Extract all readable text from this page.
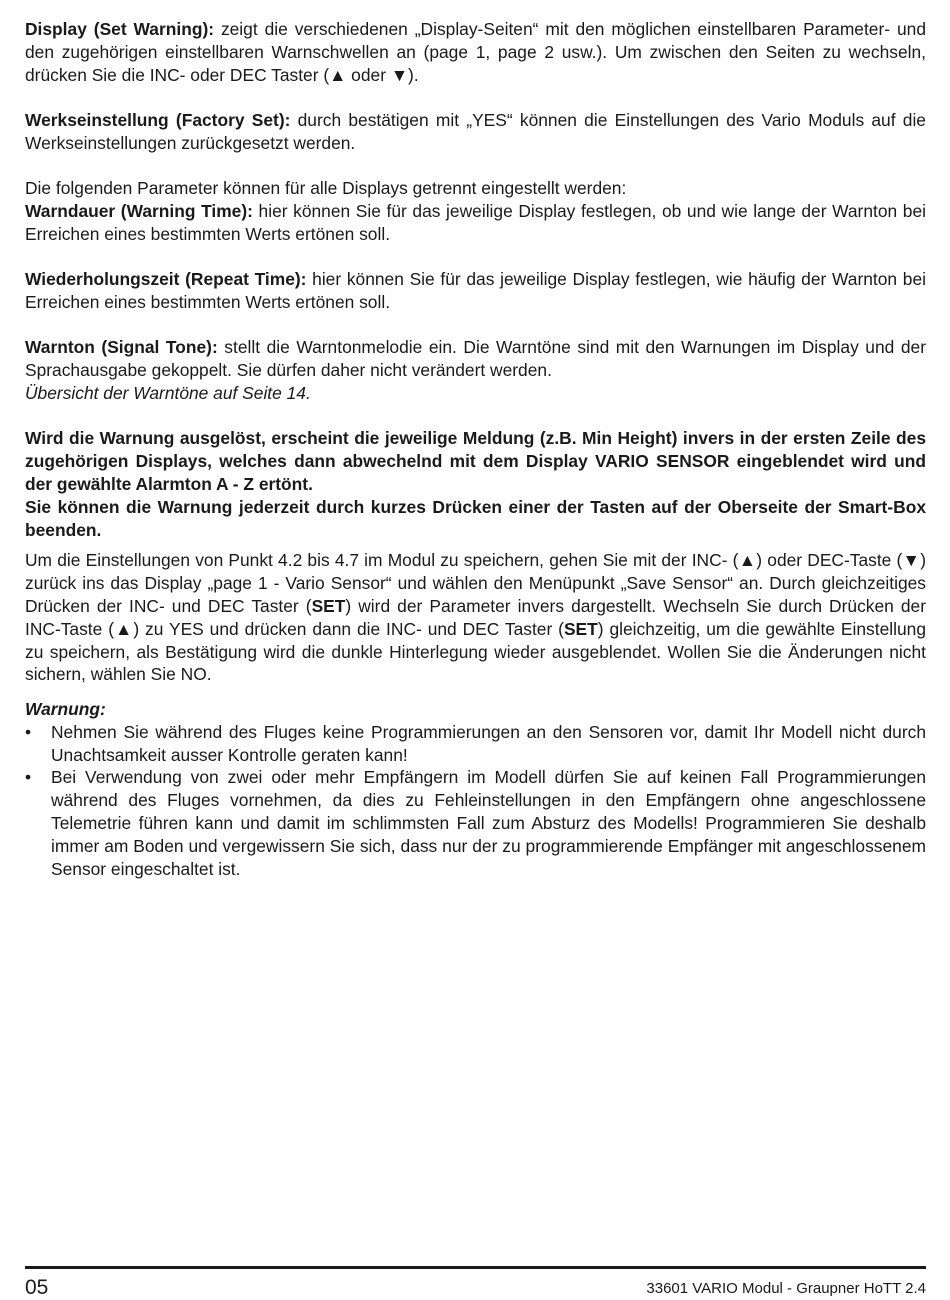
Display (Set Warning): zeigt die verschiedenen „Display-Seiten“ mit den möglichen einstellbaren Parameter- und den zugehörigen einstellbaren Warnschwellen an (page 1, page 2 usw.). Um zwischen den Seiten zu wechseln, drücken Sie die INC- oder DEC Taster (▲ oder ▼).

Werkseinstellung (Factory Set): durch bestätigen mit „YES“ können die Einstellungen des Vario Moduls auf die Werkseinstellungen zurückgesetzt werden.

Die folgenden Parameter können für alle Displays getrennt eingestellt werden:

Warndauer (Warning Time): hier können Sie für das jeweilige Display festlegen, ob und wie lange der Warnton bei Erreichen eines bestimmten Werts ertönen soll.

Wiederholungszeit (Repeat Time): hier können Sie für das jeweilige Display festlegen, wie häufig der Warnton bei Erreichen eines bestimmten Werts ertönen soll.

Warnton (Signal Tone): stellt die Warntonmelodie ein. Die Warntöne sind mit den Warnungen im Display und der Sprachausgabe gekoppelt. Sie dürfen daher nicht verändert werden.

Übersicht der Warntöne auf Seite 14.

Wird die Warnung ausgelöst, erscheint die jeweilige Meldung (z.B. Min Height) invers in der ersten Zeile des zugehörigen Displays, welches dann abwechelnd mit dem Display VARIO SENSOR eingeblendet wird und der gewählte Alarmton A - Z ertönt.

Sie können die Warnung jederzeit durch kurzes Drücken einer der Tasten auf der Oberseite der Smart-Box beenden.

Um die Einstellungen von Punkt 4.2 bis 4.7 im Modul zu speichern, gehen Sie mit der INC- (▲) oder DEC-Taste (▼) zurück ins das Display „page 1 - Vario Sensor“ und wählen den Menüpunkt „Save Sensor“ an. Durch gleichzeitiges Drücken der INC- und DEC Taster (SET) wird der Parameter invers dargestellt. Wechseln Sie durch Drücken der INC-Taste (▲) zu YES und drücken dann die INC- und DEC Taster (SET) gleichzeitig, um die gewählte Einstellung zu speichern, als Bestätigung wird die dunkle Hinterlegung wieder ausgeblendet. Wollen Sie die Änderungen nicht sichern, wählen Sie NO.

Warnung:

• Nehmen Sie während des Fluges keine Programmierungen an den Sensoren vor, damit Ihr Modell nicht durch Unachtsamkeit ausser Kontrolle geraten kann!
• Bei Verwendung von zwei oder mehr Empfängern im Modell dürfen Sie auf keinen Fall Programmierungen während des Fluges vornehmen, da dies zu Fehleinstellungen in den Empfängern ohne angeschlossene Telemetrie führen kann und damit im schlimmsten Fall zum Absturz des Modells! Programmieren Sie deshalb immer am Boden und vergewissern Sie sich, dass nur der zu programmierende Empfänger mit angeschlossenem Sensor eingeschaltet ist.
05	33601 VARIO Modul - Graupner HoTT 2.4
